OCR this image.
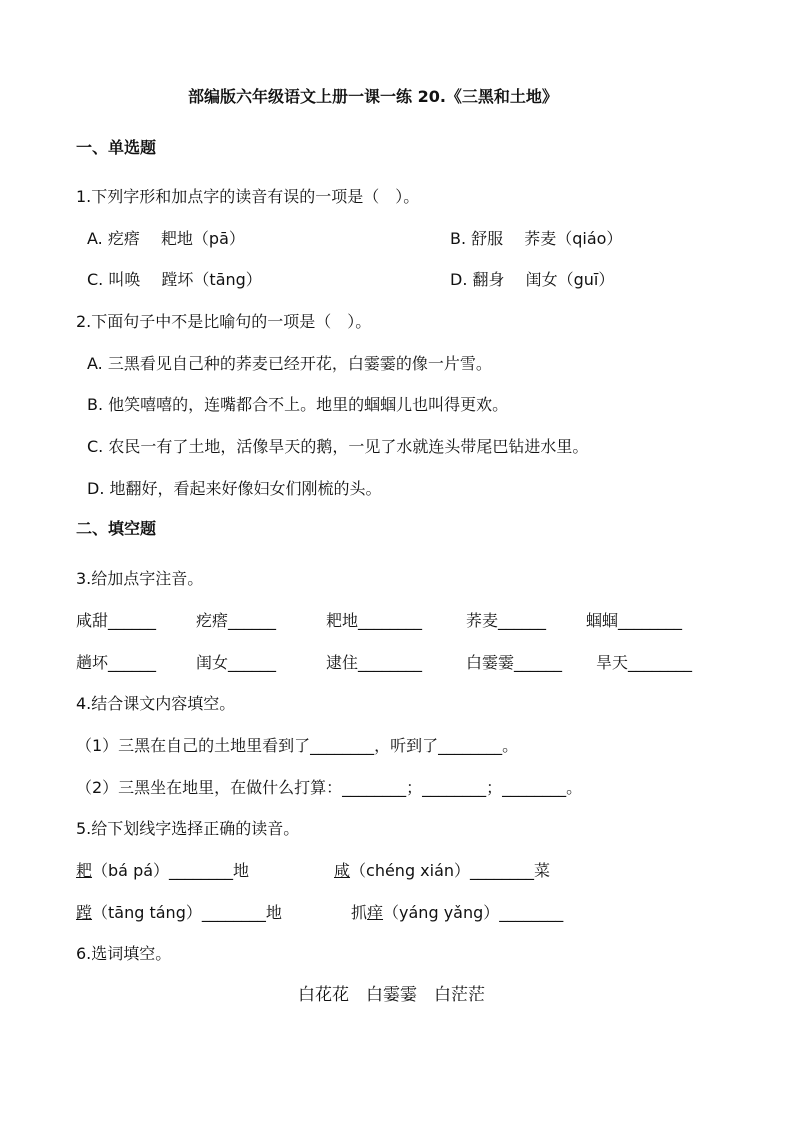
部编版六年级语文上册一课一练 20.《三黑和土地》
一、单选题
1.下列字形和加点字的读音有误的一项是（　）。
A. 疙瘩　 耙地（pā）	B. 舒服　 荞麦（qiáo）
C. 叫唤　 蹚坏（tāng）	D. 翻身　 闺女（guī）
2.下面句子中不是比喻句的一项是（　）。
A. 三黑看见自己种的荞麦已经开花，白霎霎的像一片雪。
B. 他笑嘻嘻的，连嘴都合不上。地里的蝈蝈儿也叫得更欢。
C. 农民一有了土地，活像旱天的鹅，一见了水就连头带尾巴钻进水里。
D. 地翻好，看起来好像妇女们刚梳的头。
二、填空题
3.给加点字注音。
咸甜______ 疙瘩______	耙地________	荞麦______ 蝈蝈________
趟坏______ 闺女______	逮住________	白霎霎______ 旱天________
4.结合课文内容填空。
（1）三黑在自己的土地里看到了________，听到了________。
（2）三黑坐在地里，在做什么打算：________；________；________。
5.给下划线字选择正确的读音。
耙（bá pá）________地	咸（chéng xián）________菜
蹚（tāng táng）________地	抓痒（yáng yǎng）________
6.选词填空。
白花花　白霎霎　白茫茫
